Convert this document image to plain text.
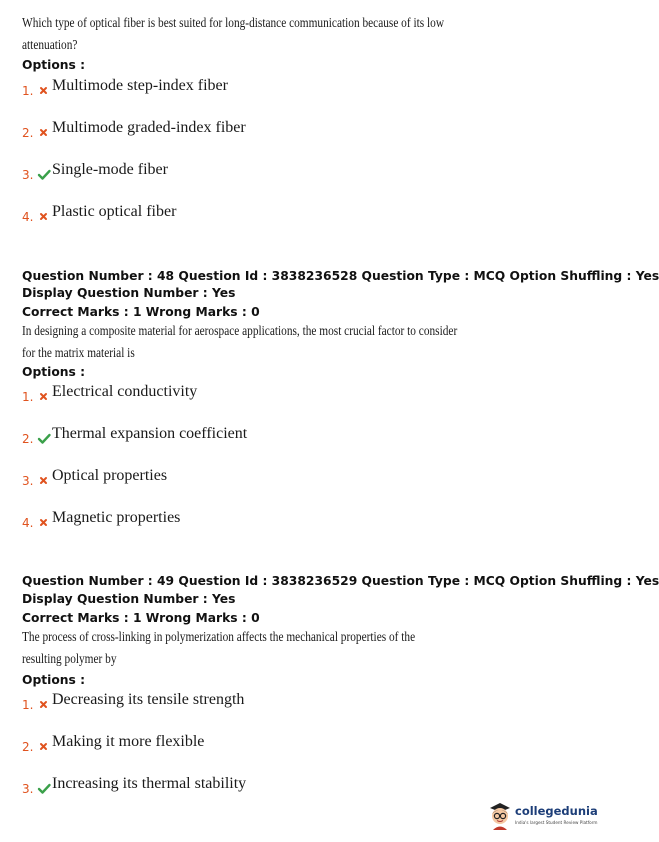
Which type of optical fiber is best suited for long-distance communication because of its low
attenuation?
Options :
1. Multimode step-index fiber
2. Multimode graded-index fiber
3. Single-mode fiber
4. Plastic optical fiber
Question Number : 48 Question Id : 3838236528 Question Type : MCQ Option Shuffling : Yes
Display Question Number : Yes
Correct Marks : 1 Wrong Marks : 0
In designing a composite material for aerospace applications, the most crucial factor to consider
for the matrix material is
Options :
1. Electrical conductivity
2. Thermal expansion coefficient
3. Optical properties
4. Magnetic properties
Question Number : 49 Question Id : 3838236529 Question Type : MCQ Option Shuffling : Yes
Display Question Number : Yes
Correct Marks : 1 Wrong Marks : 0
The process of cross-linking in polymerization affects the mechanical properties of the
resulting polymer by
Options :
1. Decreasing its tensile strength
2. Making it more flexible
3. Increasing its thermal stability
collegedunia
India's largest Student Review Platform
